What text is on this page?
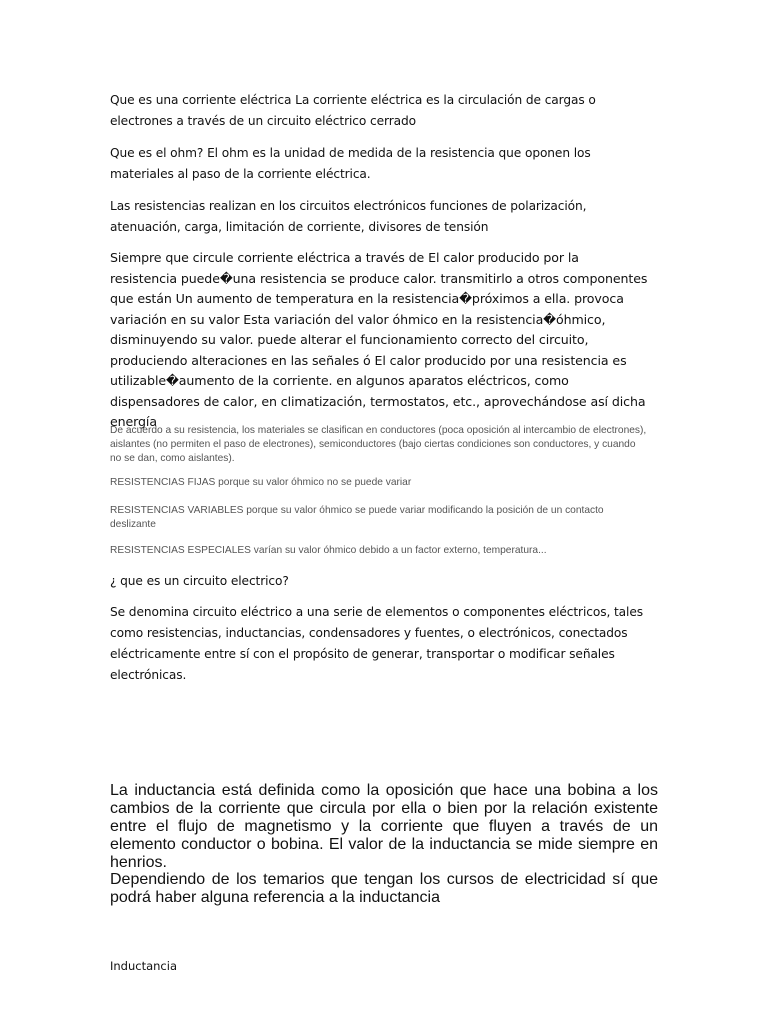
Que es una corriente eléctrica La corriente eléctrica es la circulación de cargas o electrones a través de un circuito eléctrico cerrado

Que es el ohm? El ohm es la unidad de medida de la resistencia que oponen los materiales al paso de la corriente eléctrica.

Las resistencias realizan en los circuitos electrónicos funciones de polarización, atenuación, carga, limitación de corriente, divisores de tensión

Siempre que circule corriente eléctrica a través de El calor producido por la resistencia puede�una resistencia se produce calor. transmitirlo a otros componentes que están Un aumento de temperatura en la resistencia�próximos a ella. provoca variación en su valor Esta variación del valor óhmico en la resistencia�óhmico, disminuyendo su valor. puede alterar el funcionamiento correcto del circuito, produciendo alteraciones en las señales ó El calor producido por una resistencia es utilizable�aumento de la corriente. en algunos aparatos eléctricos, como dispensadores de calor, en climatización, termostatos, etc., aprovechándose así dicha energía

De acuerdo a su resistencia, los materiales se clasifican en conductores (poca oposición al intercambio de electrones), aislantes (no permiten el paso de electrones), semiconductores (bajo ciertas condiciones son conductores, y cuando no se dan, como aislantes).

RESISTENCIAS FIJAS porque su valor óhmico no se puede variar

RESISTENCIAS VARIABLES porque su valor óhmico se puede variar modificando la posición de un contacto deslizante

RESISTENCIAS ESPECIALES varían su valor óhmico debido a un factor externo, temperatura...

¿ que es un circuito electrico?

Se denomina circuito eléctrico a una serie de elementos o componentes eléctricos, tales como resistencias, inductancias, condensadores y fuentes, o electrónicos, conectados eléctricamente entre sí con el propósito de generar, transportar o modificar señales electrónicas.

La inductancia está definida como la oposición que hace una bobina a los cambios de la corriente que circula por ella o bien por la relación existente entre el flujo de magnetismo y la corriente que fluyen a través de un elemento conductor o bobina. El valor de la inductancia se mide siempre en henrios.

Dependiendo de los temarios que tengan los cursos de electricidad sí que podrá haber alguna referencia a la inductancia

Inductancia
